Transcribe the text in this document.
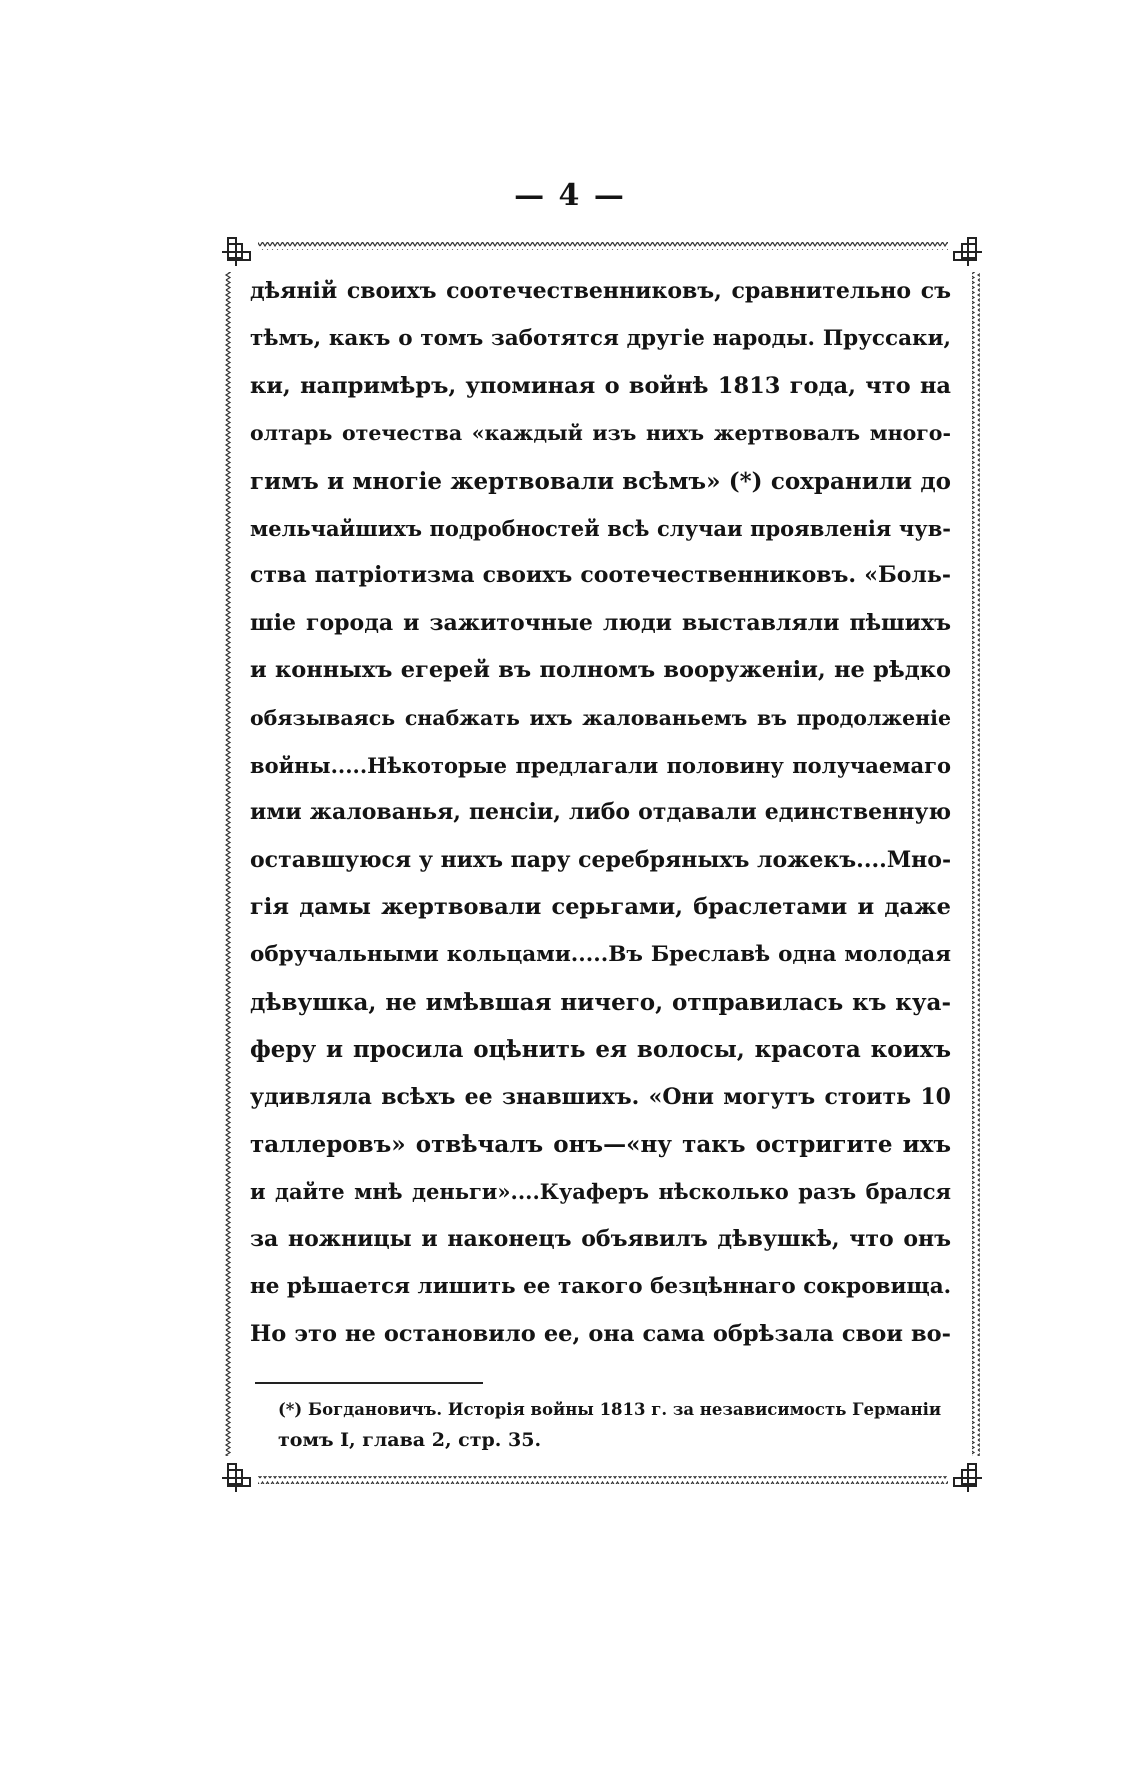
— 4 —
дѣяній своихъ соотечественниковъ, сравнительно съ
тѣмъ, какъ о томъ заботятся другіе народы. Пруссаки,
ки, напримѣръ, упоминая о войнѣ 1813 года, что на
олтарь отечества «каждый изъ нихъ жертвовалъ много-
гимъ и многіе жертвовали всѣмъ» (*) сохранили до
мельчайшихъ подробностей всѣ случаи проявленія чув-
ства патріотизма своихъ соотечественниковъ. «Боль-
шіе города и зажиточные люди выставляли пѣшихъ
и конныхъ егерей въ полномъ вооруженіи, не рѣдко
обязываясь снабжать ихъ жалованьемъ въ продолженіе
войны.....Нѣкоторые предлагали половину получаемаго
ими жалованья, пенсіи, либо отдавали единственную
оставшуюся у нихъ пару серебряныхъ ложекъ....Мно-
гія дамы жертвовали серьгами, браслетами и даже
обручальными кольцами.....Въ Бреславѣ одна молодая
дѣвушка, не имѣвшая ничего, отправилась къ куа-
феру и просила оцѣнить ея волосы, красота коихъ
удивляла всѣхъ ее знавшихъ. «Они могутъ стоить 10
таллеровъ» отвѣчалъ онъ—«ну такъ остригите ихъ
и дайте мнѣ деньги»....Куаферъ нѣсколько разъ брался
за ножницы и наконецъ объявилъ дѣвушкѣ, что онъ
не рѣшается лишить ее такого безцѣннаго сокровища.
Но это не остановило ее, она сама обрѣзала свои во-
(*) Богдановичъ. Исторія войны 1813 г. за независимость Германіи
томъ I, глава 2, стр. 35.
